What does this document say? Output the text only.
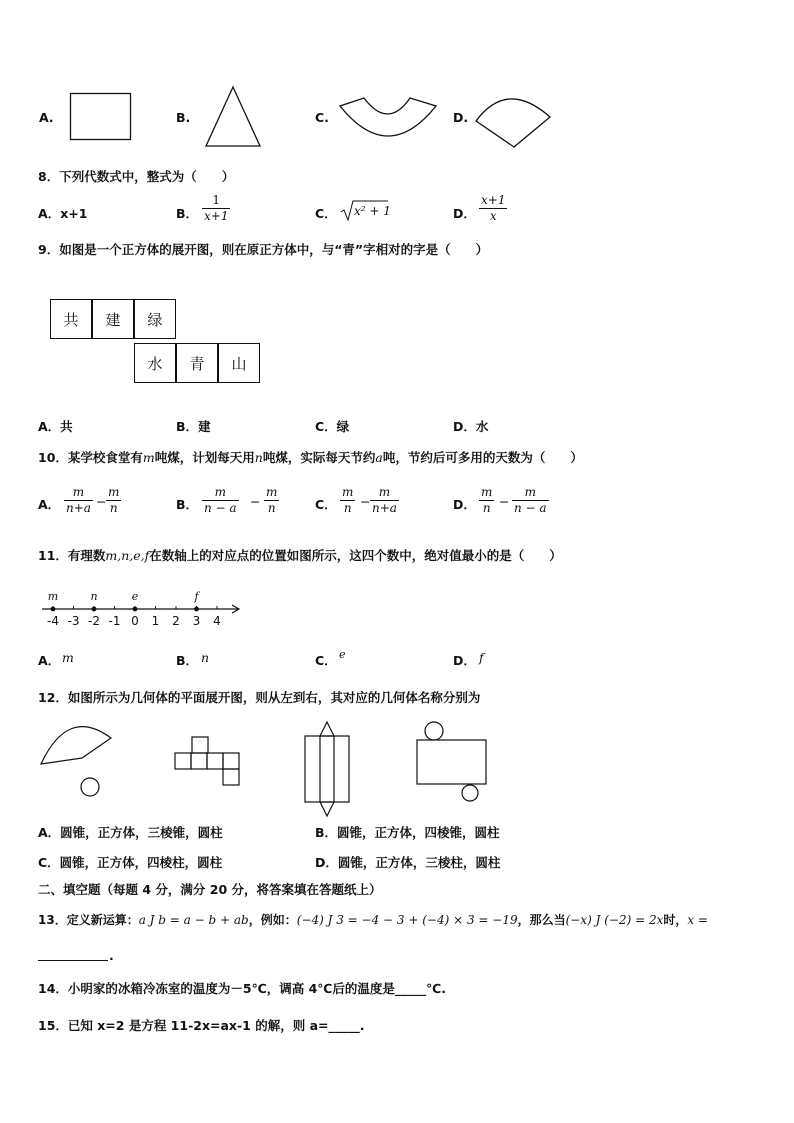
A.	B.	C.	D.
8．下列代数式中，整式为（　　）
A．x+1	B． $\frac{1}{x+1}$	C． x² + 1	D． $\frac{x+1}{x}$
9．如图是一个正方体的展开图，则在原正方体中，与“青”字相对的字是（　　）
共	建	绿
水	青	山
A．共	B．建	C．绿	D．水
10．某学校食堂有m吨煤，计划每天用n吨煤，实际每天节约a吨，节约后可多用的天数为（　　）
A． $\frac{m}{n+a} - \frac{m}{n}$	B． $\frac{m}{n - a} - \frac{m}{n}$	C． $\frac{m}{n} - \frac{m}{n+a}$	D． $\frac{m}{n} - \frac{m}{n - a}$
11．有理数m,n,e,f在数轴上的对应点的位置如图所示，这四个数中，绝对值最小的是（　　）
-4 -3 -2 -1 0 1 2 3 4
m	n	e	f
A． m	B． n	C． e	D． f
12．如图所示为几何体的平面展开图，则从左到右，其对应的几何体名称分别为
A．圆锥，正方体，三棱锥，圆柱	B．圆锥，正方体，四棱锥，圆柱
C．圆锥，正方体，四棱柱，圆柱	D．圆锥，正方体，三棱柱，圆柱
二、填空题（每题 4 分，满分 20 分，将答案填在答题纸上）
13．定义新运算：a J b = a − b + ab，例如：(−4) J 3 = −4 − 3 + (−4) × 3 = −19，那么当(−x) J (−2) = 2x时，x =
.
14．小明家的冰箱冷冻室的温度为－5℃，调高 4℃后的温度是_____℃.
15．已知 x=2 是方程 11-2x=ax-1 的解，则 a=_____.
